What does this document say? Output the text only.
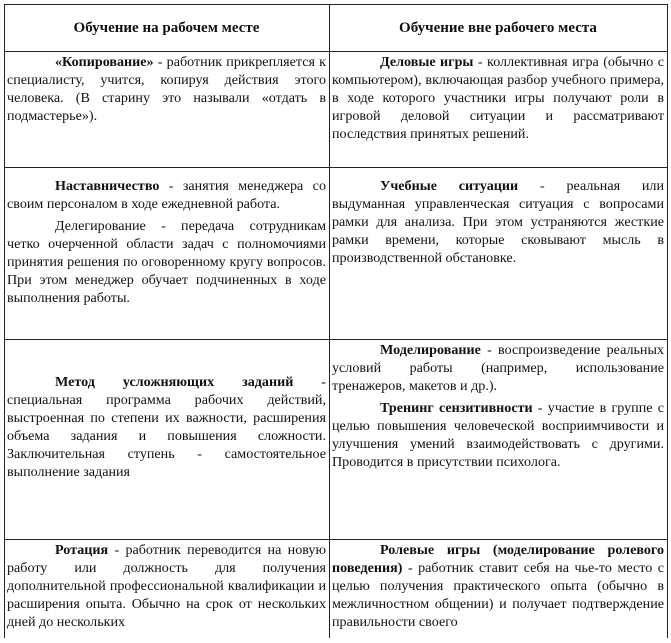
Обучение на рабочем месте	Обучение вне рабочего места

«Копирование» - работник прикрепляется к специалисту, учится, копируя действия этого человека. (В старину это называли «отдать в подмастерье»).

Деловые игры - коллективная игра (обычно с компьютером), включающая разбор учебного примера, в ходе которого участники игры получают роли в игровой деловой ситуации и рассматривают последствия принятых решений.

Наставничество - занятия менеджера со своим персоналом в ходе ежедневной работа.

Делегирование - передача сотрудникам четко очерченной области задач с полномочиями принятия решения по оговоренному кругу вопросов. При этом менеджер обучает подчиненных в ходе выполнения работы.

Учебные ситуации - реальная или выдуманная управленческая ситуация с вопросами рамки для анализа. При этом устраняются жесткие рамки времени, которые сковывают мысль в производственной обстановке.

Метод усложняющих заданий - специальная программа рабочих действий, выстроенная по степени их важности, расширения объема задания и повышения сложности. Заключительная ступень - самостоятельное выполнение задания

Моделирование - воспроизведение реальных условий работы (например, использование тренажеров, макетов и др.).

Тренинг сензитивности - участие в группе с целью повышения человеческой восприимчивости и улучшения умений взаимодействовать с другими. Проводится в присутствии психолога.

Ротация - работник переводится на новую работу или должность для получения дополнительной профессиональной квалификации и расширения опыта. Обычно на срок от нескольких дней до нескольких

Ролевые игры (моделирование ролевого поведения) - работник ставит себя на чье-то место с целью получения практического опыта (обычно в межличностном общении) и получает подтверждение правильности своего
